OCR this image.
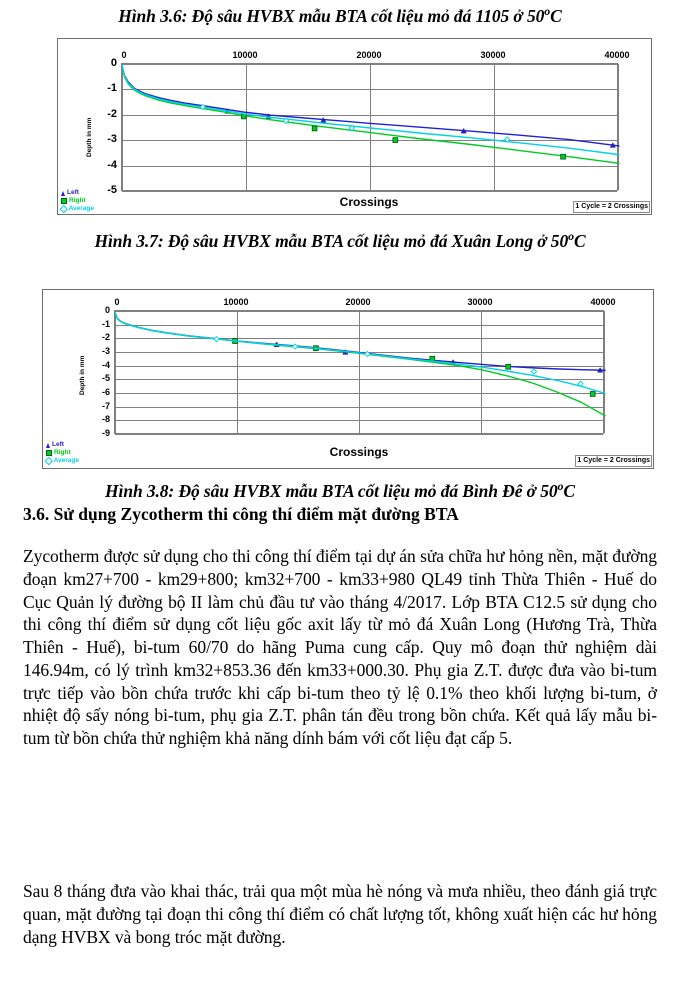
Hình 3.6: Độ sâu HVBX mẫu BTA cốt liệu mỏ đá 1105 ở 50$^o$C
0	10000	20000	30000	40000
0
-1
-2
-3
-4
-5
Depth in mm
Crossings
Left
Right
Average	1 Cycle = 2 Crossings
Hình 3.7: Độ sâu HVBX mẫu BTA cốt liệu mỏ đá Xuân Long ở 50$^o$C
0	10000	20000	30000	40000
0
-1
-2
-3
-4
-5
-6
-7
-8
-9
Depth in mm
Crossings
Left
Right
Average	1 Cycle = 2 Crossings
Hình 3.8: Độ sâu HVBX mẫu BTA cốt liệu mỏ đá Bình Đê ở 50$^o$C
3.6. Sử dụng Zycotherm thi công thí điểm mặt đường BTA
Zycotherm được sử dụng cho thi công thí điểm tại dự án sửa chữa hư hỏng nền, mặt đường đoạn km27+700 - km29+800; km32+700 - km33+980 QL49 tỉnh Thừa Thiên - Huế do Cục Quản lý đường bộ II làm chủ đầu tư vào tháng 4/2017. Lớp BTA C12.5 sử dụng cho thi công thí điểm sử dụng cốt liệu gốc axit lấy từ mỏ đá Xuân Long (Hương Trà, Thừa Thiên - Huế), bi-tum 60/70 do hãng Puma cung cấp. Quy mô đoạn thử nghiệm dài 146.94m, có lý trình km32+853.36 đến km33+000.30. Phụ gia Z.T. được đưa vào bi-tum trực tiếp vào bồn chứa trước khi cấp bi-tum theo tỷ lệ 0.1% theo khối lượng bi-tum, ở nhiệt độ sấy nóng bi-tum, phụ gia Z.T. phân tán đều trong bồn chứa. Kết quả lấy mẫu bi-tum từ bồn chứa thử nghiệm khả năng dính bám với cốt liệu đạt cấp 5.
Sau 8 tháng đưa vào khai thác, trải qua một mùa hè nóng và mưa nhiều, theo đánh giá trực quan, mặt đường tại đoạn thi công thí điểm có chất lượng tốt, không xuất hiện các hư hỏng dạng HVBX và bong tróc mặt đường.
